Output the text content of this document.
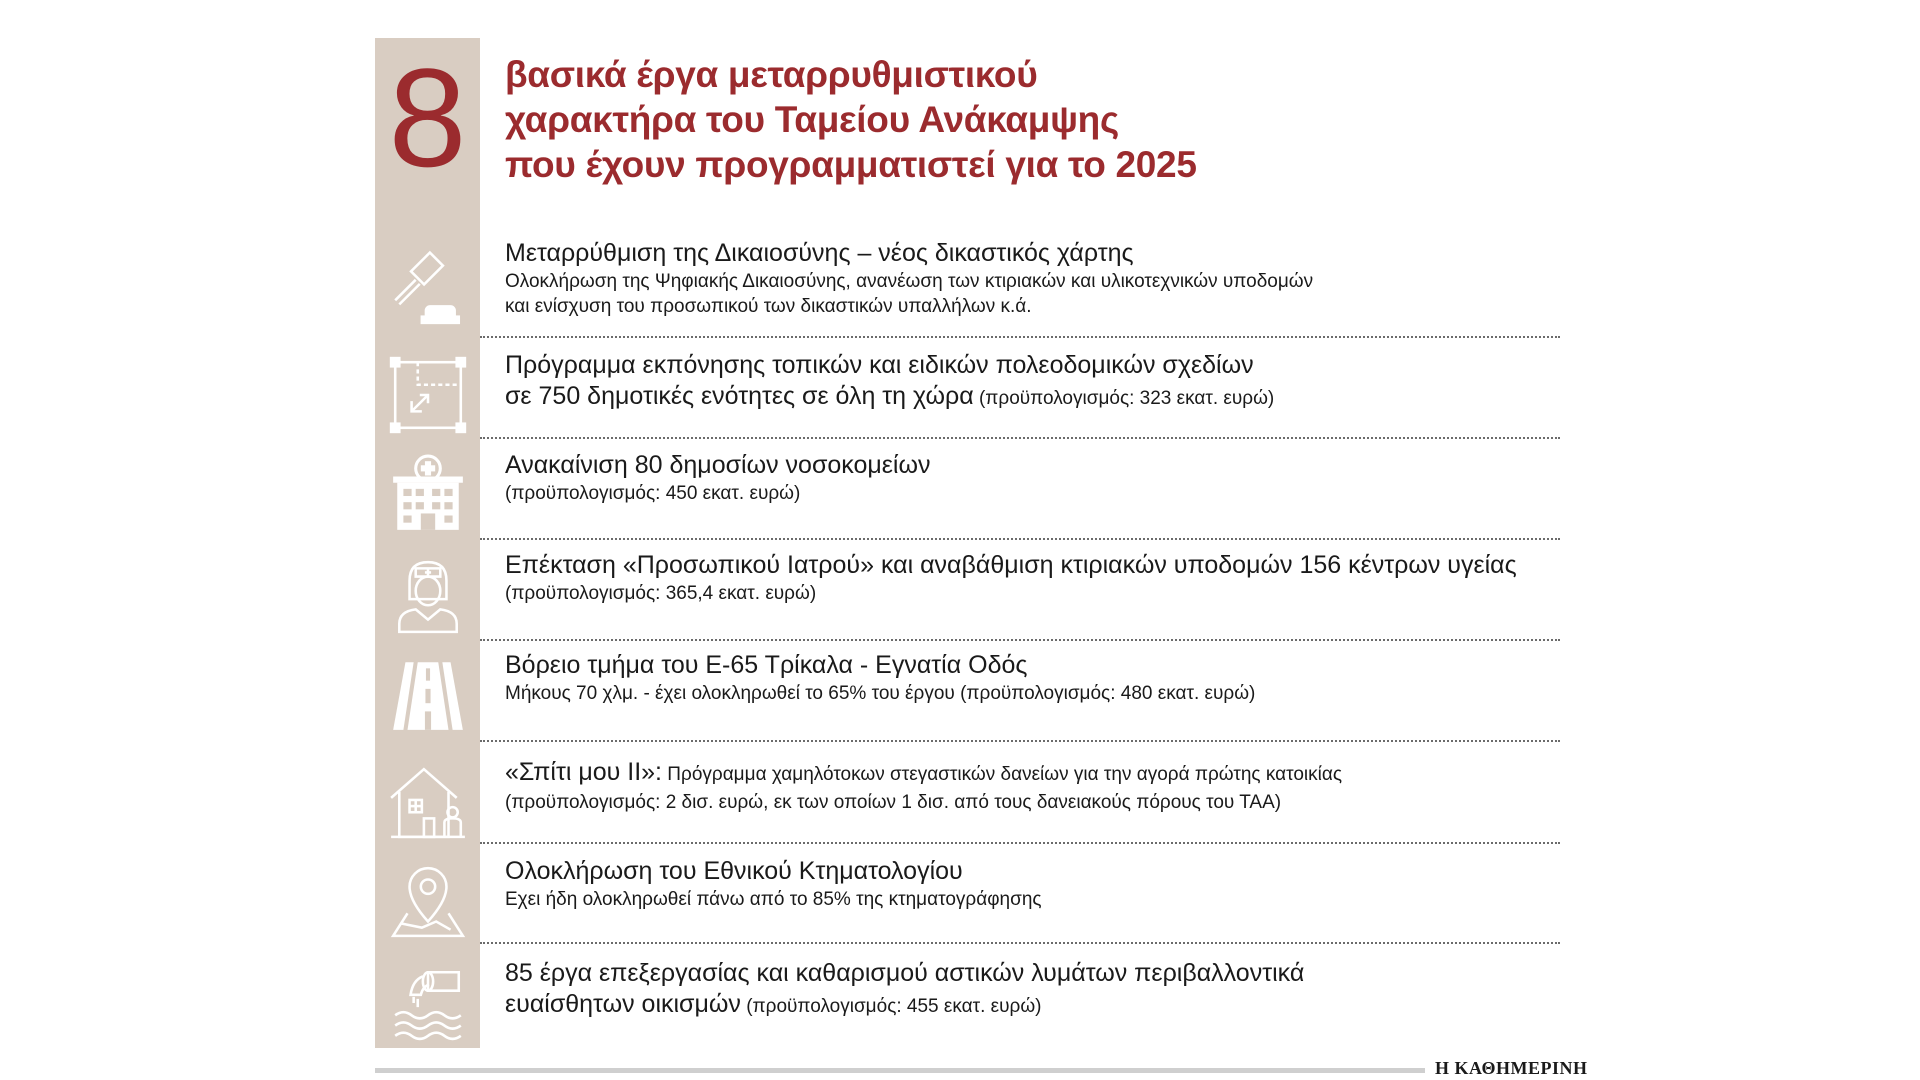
8	βασικά έργα μεταρρυθμιστικού
χαρακτήρα του Ταμείου Ανάκαμψης
που έχουν προγραμματιστεί για το 2025
Μεταρρύθμιση της Δικαιοσύνης – νέος δικαστικός χάρτης
Ολοκλήρωση της Ψηφιακής Δικαιοσύνης, ανανέωση των κτιριακών και υλικοτεχνικών υποδομών
και ενίσχυση του προσωπικού των δικαστικών υπαλλήλων κ.ά.
Πρόγραμμα εκπόνησης τοπικών και ειδικών πολεοδομικών σχεδίων
σε 750 δημοτικές ενότητες σε όλη τη χώρα (προϋπολογισμός: 323 εκατ. ευρώ)
Ανακαίνιση 80 δημοσίων νοσοκομείων
(προϋπολογισμός: 450 εκατ. ευρώ)
Επέκταση «Προσωπικού Ιατρού» και αναβάθμιση κτιριακών υποδομών 156 κέντρων υγείας
(προϋπολογισμός: 365,4 εκατ. ευρώ)
Βόρειο τμήμα του Ε-65 Τρίκαλα - Εγνατία Οδός
Μήκους 70 χλμ. - έχει ολοκληρωθεί το 65% του έργου (προϋπολογισμός: 480 εκατ. ευρώ)
«Σπίτι μου ΙΙ»: Πρόγραμμα χαμηλότοκων στεγαστικών δανείων για την αγορά πρώτης κατοικίας
(προϋπολογισμός: 2 δισ. ευρώ, εκ των οποίων 1 δισ. από τους δανειακούς πόρους του ΤΑΑ)
Ολοκλήρωση του Εθνικού Κτηματολογίου
Εχει ήδη ολοκληρωθεί πάνω από το 85% της κτηματογράφησης
85 έργα επεξεργασίας και καθαρισμού αστικών λυμάτων περιβαλλοντικά
ευαίσθητων οικισμών (προϋπολογισμός: 455 εκατ. ευρώ)
Η ΚΑΘΗΜΕΡΙΝΗ
